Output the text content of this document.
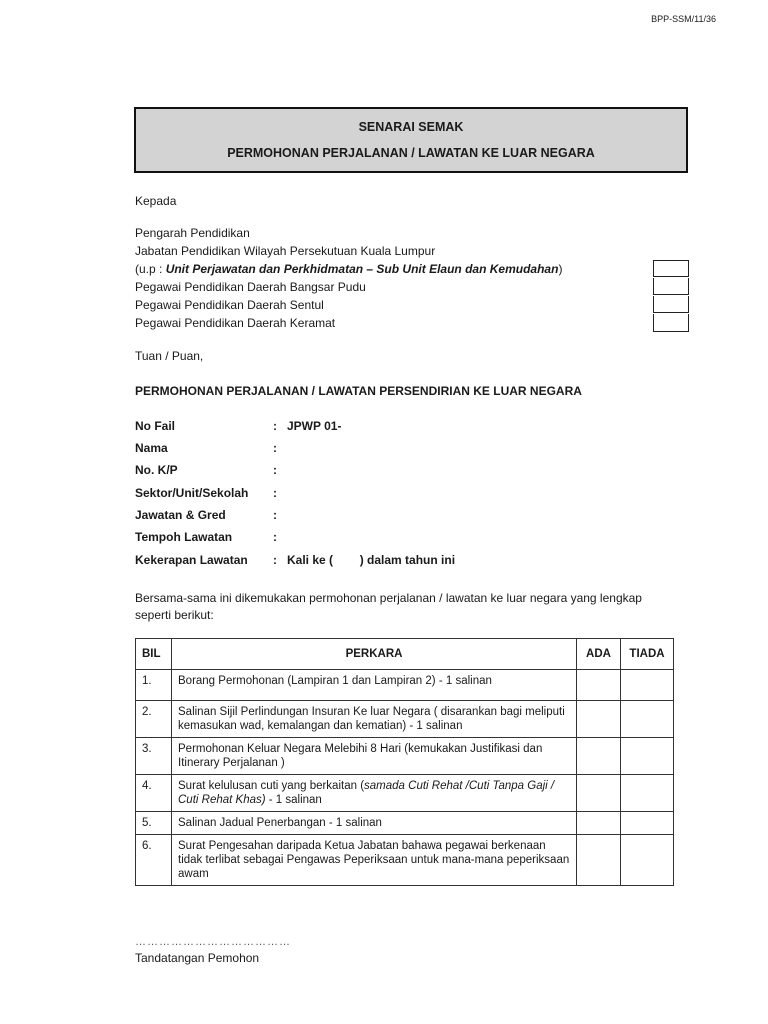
BPP-SSM/11/36
SENARAI SEMAK
PERMOHONAN PERJALANAN / LAWATAN KE LUAR NEGARA
Kepada
Pengarah Pendidikan
Jabatan Pendidikan Wilayah Persekutuan Kuala Lumpur
(u.p : Unit Perjawatan dan Perkhidmatan – Sub Unit Elaun dan Kemudahan)
Pegawai Pendidikan Daerah Bangsar Pudu
Pegawai Pendidikan Daerah Sentul
Pegawai Pendidikan Daerah Keramat
Tuan / Puan,
PERMOHONAN PERJALANAN / LAWATAN PERSENDIRIAN KE LUAR NEGARA
No Fail	: JPWP 01-
Nama	:
No. K/P	:
Sektor/Unit/Sekolah :
Jawatan & Gred	:
Tempoh Lawatan	:
Kekerapan Lawatan : Kali ke (        ) dalam tahun ini
Bersama-sama ini dikemukakan permohonan perjalanan / lawatan ke luar negara yang lengkap
seperti berikut:
BIL	PERKARA	ADA	TIADA
1.	Borang Permohonan (Lampiran 1 dan Lampiran 2) - 1 salinan		
2.	Salinan Sijil Perlindungan Insuran Ke luar Negara ( disarankan bagi meliputi kemasukan wad, kemalangan dan kematian) - 1 salinan		
3.	Permohonan Keluar Negara Melebihi 8 Hari (kemukakan Justifikasi dan Itinerary Perjalanan )		
4.	Surat kelulusan cuti yang berkaitan (samada Cuti Rehat /Cuti Tanpa Gaji / Cuti Rehat Khas) - 1 salinan		
5.	Salinan Jadual Penerbangan - 1 salinan		
6.	Surat Pengesahan daripada Ketua Jabatan bahawa pegawai berkenaan tidak terlibat sebagai Pengawas Peperiksaan untuk mana-mana peperiksaan awam		
…………………………………
Tandatangan Pemohon
